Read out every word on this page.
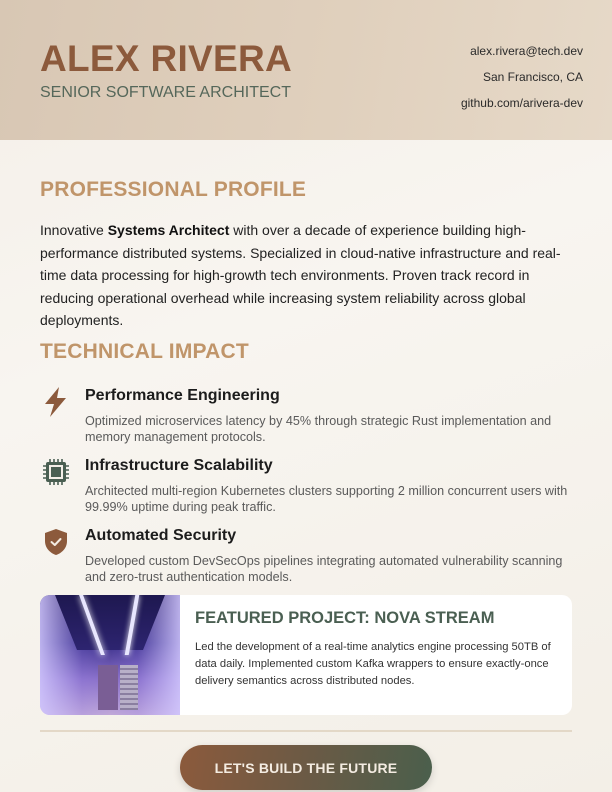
ALEX RIVERA
SENIOR SOFTWARE ARCHITECT
alex.rivera@tech.dev
San Francisco, CA
github.com/arivera-dev
PROFESSIONAL PROFILE

Innovative Systems Architect with over a decade of experience building high-performance distributed systems. Specialized in cloud-native infrastructure and real-time data processing for high-growth tech environments. Proven track record in reducing operational overhead while increasing system reliability across global deployments.

TECHNICAL IMPACT
Performance Engineering
Optimized microservices latency by 45% through strategic Rust implementation and memory management protocols.
Infrastructure Scalability
Architected multi-region Kubernetes clusters supporting 2 million concurrent users with 99.99% uptime during peak traffic.
Automated Security
Developed custom DevSecOps pipelines integrating automated vulnerability scanning and zero-trust authentication models.
FEATURED PROJECT: NOVA STREAM
Led the development of a real-time analytics engine processing 50TB of data daily. Implemented custom Kafka wrappers to ensure exactly-once delivery semantics across distributed nodes.
LET'S BUILD THE FUTURE
